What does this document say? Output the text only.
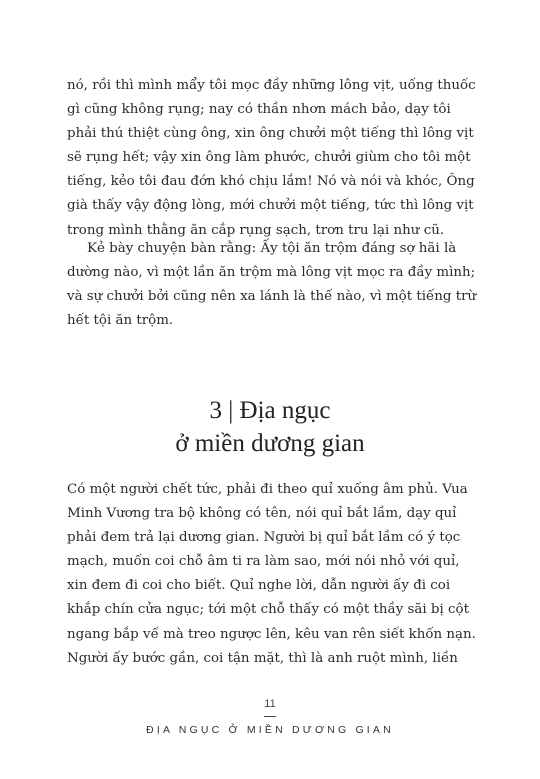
nó, rồi thì mình mẩy tôi mọc đầy những lông vịt, uống thuốc
gì cũng không rụng; nay có thần nhơn mách bảo, dạy tôi
phải thú thiệt cùng ông, xin ông chưởi một tiếng thì lông vịt
sẽ rụng hết; vậy xin ông làm phước, chưởi giùm cho tôi một
tiếng, kẻo tôi đau đớn khó chịu lắm! Nó và nói và khóc, Ông
già thấy vậy động lòng, mới chưởi một tiếng, tức thì lông vịt
trong mình thằng ăn cắp rụng sạch, trơn tru lại như cũ.
Kẻ bày chuyện bàn rằng: Ấy tội ăn trộm đáng sợ hãi là
dường nào, vì một lần ăn trộm mà lông vịt mọc ra đầy mình;
và sự chưởi bởi cũng nên xa lánh là thế nào, vì một tiếng trừ
hết tội ăn trộm.
3 | Địa ngục
ở miền dương gian
Có một người chết tức, phải đi theo quỉ xuống âm phủ. Vua
Minh Vương tra bộ không có tên, nói quỉ bắt lầm, dạy quỉ
phải đem trả lại dương gian. Người bị quỉ bắt lầm có ý tọc
mạch, muốn coi chỗ âm ti ra làm sao, mới nói nhỏ với quỉ,
xin đem đi coi cho biết. Quỉ nghe lời, dẫn người ấy đi coi
khắp chín cửa ngục; tới một chỗ thấy có một thầy sãi bị cột
ngang bắp vế mà treo ngược lên, kêu van rên siết khốn nạn.
Người ấy bước gần, coi tận mặt, thì là anh ruột mình, liền
11
ĐỊA NGỤC Ở MIỀN DƯƠNG GIAN
